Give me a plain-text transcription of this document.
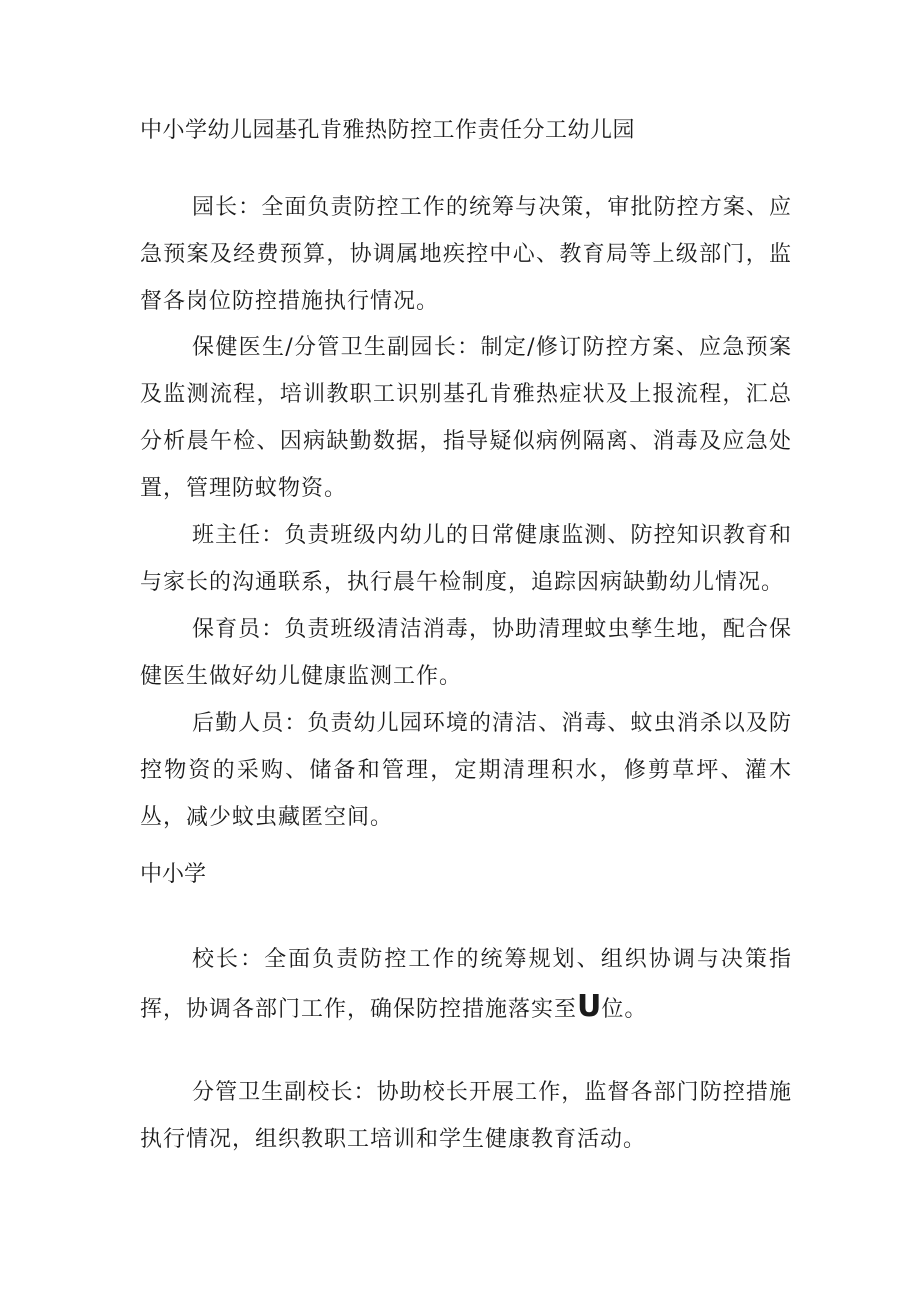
中小学幼儿园基孔肯雅热防控工作责任分工幼儿园

园长：全面负责防控工作的统筹与决策，审批防控方案、应急预案及经费预算，协调属地疾控中心、教育局等上级部门，监督各岗位防控措施执行情况。

保健医生/分管卫生副园长：制定/修订防控方案、应急预案及监测流程，培训教职工识别基孔肯雅热症状及上报流程，汇总分析晨午检、因病缺勤数据，指导疑似病例隔离、消毒及应急处置，管理防蚊物资。

班主任：负责班级内幼儿的日常健康监测、防控知识教育和与家长的沟通联系，执行晨午检制度，追踪因病缺勤幼儿情况。

保育员：负责班级清洁消毒，协助清理蚊虫孳生地，配合保健医生做好幼儿健康监测工作。

后勤人员：负责幼儿园环境的清洁、消毒、蚊虫消杀以及防控物资的采购、储备和管理，定期清理积水，修剪草坪、灌木丛，减少蚊虫藏匿空间。

中小学

校长：全面负责防控工作的统筹规划、组织协调与决策指挥，协调各部门工作，确保防控措施落实至U位。

分管卫生副校长：协助校长开展工作，监督各部门防控措施执行情况，组织教职工培训和学生健康教育活动。
